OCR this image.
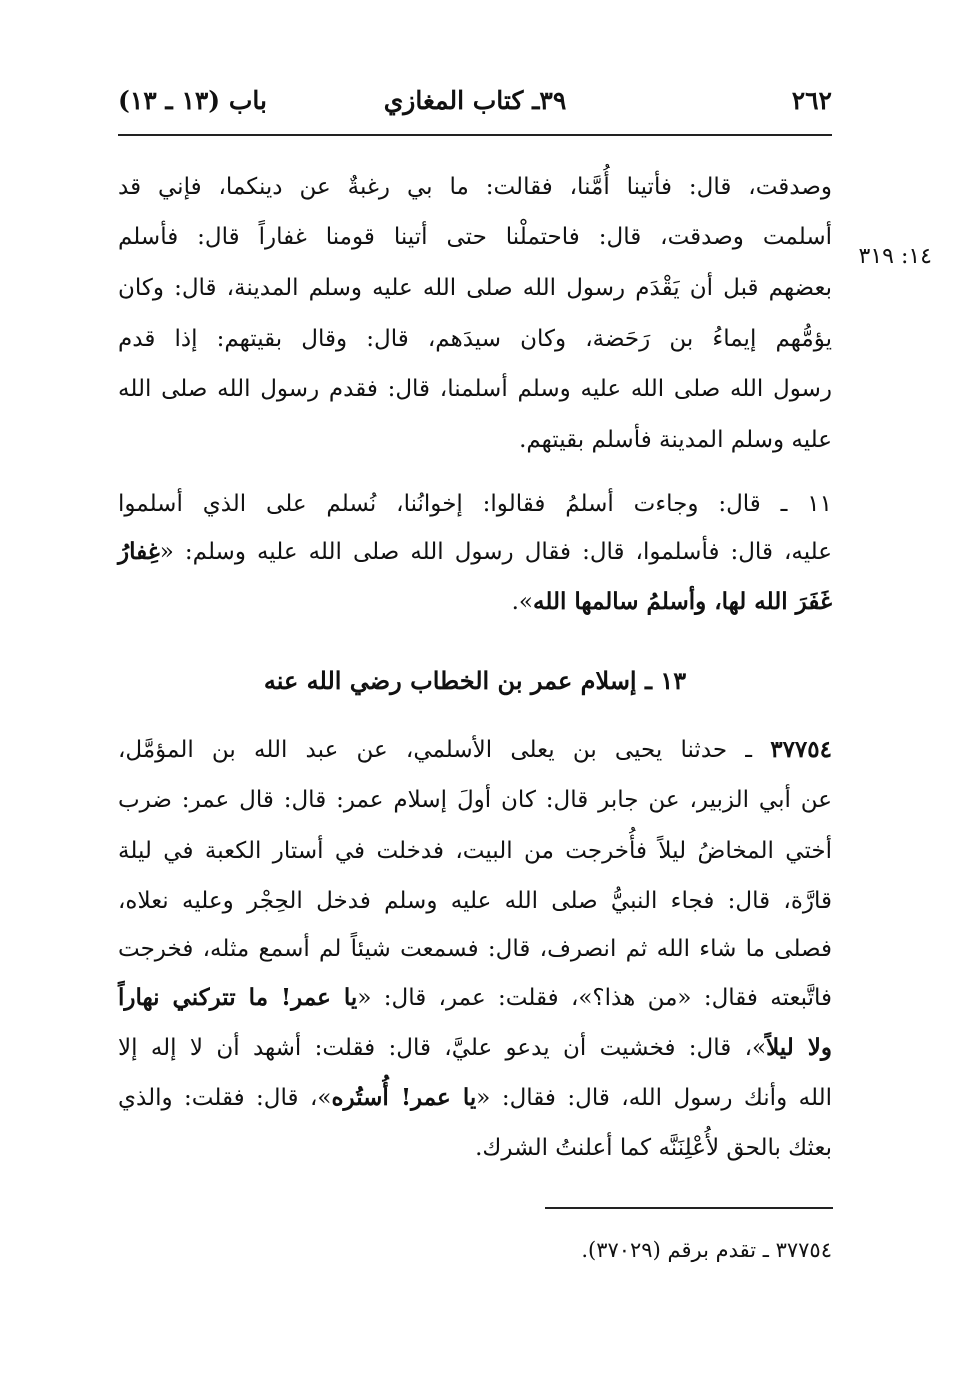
٢٦٢
٣٩ـ كتاب المغازي
باب (١٣ ـ ١٣)
١٤: ٣١٩
وصدقت، قال: فأتينا أُمَّنا، فقالت: ما بي رغبةٌ عن دينكما، فإني قد
أسلمت وصدقت، قال: فاحتملْنا حتى أتينا قومنا غفاراً قال: فأسلم
بعضهم قبل أن يَقْدَم رسول الله صلى الله عليه وسلم المدينة، قال: وكان
يؤمُّهم إيماءُ بن رَحَضة، وكان سيدَهم، قال: وقال بقيتهم: إذا قدم
رسول الله صلى الله عليه وسلم أسلمنا، قال: فقدم رسول الله صلى الله
عليه وسلم المدينة فأسلم بقيتهم.
١١ ـ قال: وجاءت أسلمُ فقالوا: إخوانُنا، نُسلم على الذي أسلموا
عليه، قال: فأسلموا، قال: فقال رسول الله صلى الله عليه وسلم: «غِفارُ
غَفَرَ الله لها، وأسلمُ سالمها الله».
١٣ ـ إسلام عمر بن الخطاب رضي الله عنه
٣٧٧٥٤ ـ حدثنا يحيى بن يعلى الأسلمي، عن عبد الله بن المؤمَّل،
عن أبي الزبير، عن جابر قال: كان أولَ إسلام عمر: قال: قال عمر: ضرب
أختي المخاضُ ليلاً فأُخرجت من البيت، فدخلت في أستار الكعبة في ليلة
قارَّة، قال: فجاء النبيُّ صلى الله عليه وسلم فدخل الحِجْر وعليه نعلاه،
فصلى ما شاء الله ثم انصرف، قال: فسمعت شيئاً لم أسمع مثله، فخرجت
فاتَّبعته فقال: «من هذا؟»، فقلت: عمر، قال: «يا عمر! ما تتركني نهاراً
ولا ليلاً»، قال: فخشيت أن يدعو عليَّ، قال: فقلت: أشهد أن لا إله إلا
الله وأنك رسول الله، قال: فقال: «يا عمر! أُستُره»، قال: فقلت: والذي
بعثك بالحق لأُعْلِنَنَّه كما أعلنتُ الشرك.
٣٧٧٥٤ ـ تقدم برقم (٣٧٠٢٩).
